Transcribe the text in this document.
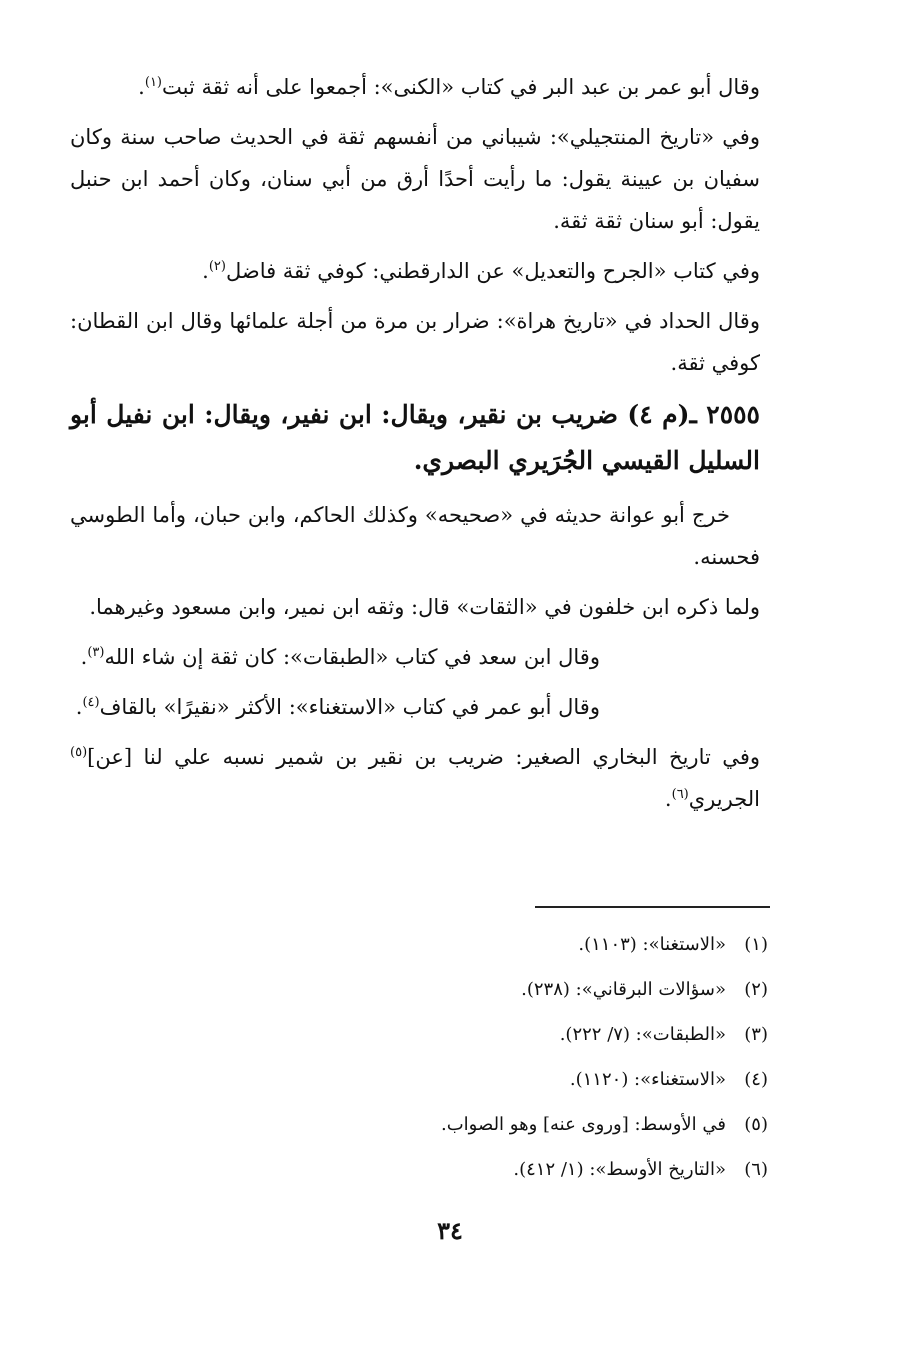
وقال أبو عمر بن عبد البر في كتاب «الكنى»: أجمعوا على أنه ثقة ثبت$^{(١)}$.

وفي «تاريخ المنتجيلي»: شيباني من أنفسهم ثقة في الحديث صاحب سنة وكان سفيان بن عيينة يقول: ما رأيت أحدًا أرق من أبي سنان، وكان أحمد ابن حنبل يقول: أبو سنان ثقة ثقة.

وفي كتاب «الجرح والتعديل» عن الدارقطني: كوفي ثقة فاضل$^{(٢)}$.

وقال الحداد في «تاريخ هراة»: ضرار بن مرة من أجلة علمائها وقال ابن القطان: كوفي ثقة.

٢٥٥٥ ـ(م ٤) ضريب بن نقير، ويقال: ابن نفير، ويقال: ابن نفيل أبو السليل القيسي الجُرَيري البصري.

خرج أبو عوانة حديثه في «صحيحه» وكذلك الحاكم، وابن حبان، وأما الطوسي فحسنه.

ولما ذكره ابن خلفون في «الثقات» قال: وثقه ابن نمير، وابن مسعود وغيرهما.

وقال ابن سعد في كتاب «الطبقات»: كان ثقة إن شاء الله$^{(٣)}$.

وقال أبو عمر في كتاب «الاستغناء»: الأكثر «نقيرًا» بالقاف$^{(٤)}$.

وفي تاريخ البخاري الصغير: ضريب بن نقير بن شمير نسبه علي لنا [عن]$^{(٥)}$ الجريري$^{(٦)}$.

(١)
«الاستغنا»: (١١٠٣).
(٢)
«سؤالات البرقاني»: (٢٣٨).
(٣)
«الطبقات»: (٧/ ٢٢٢).
(٤)
«الاستغناء»: (١١٢٠).
(٥)
في الأوسط: [وروى عنه] وهو الصواب.
(٦)
«التاريخ الأوسط»: (١/ ٤١٢).
٣٤
